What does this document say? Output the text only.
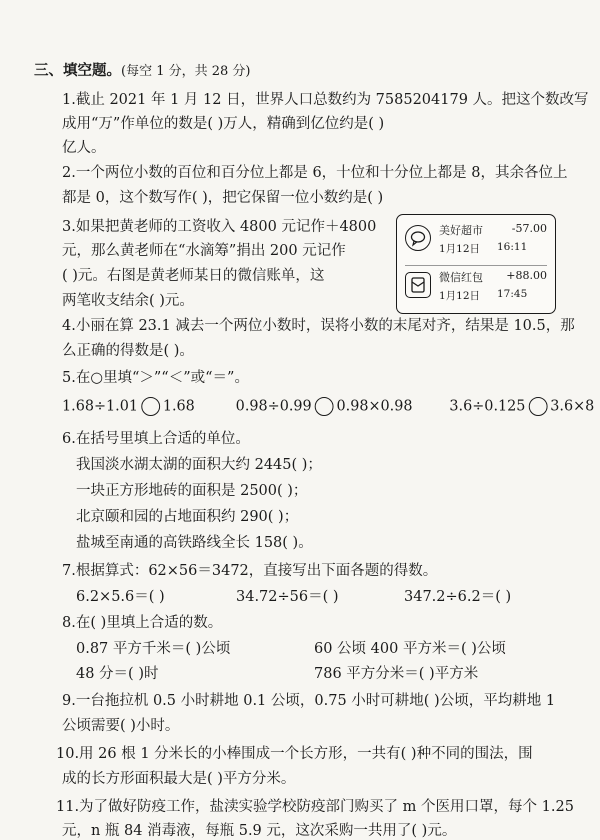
三、填空题。(每空 1 分，共 28 分)
1.截止 2021 年 1 月 12 日，世界人口总数约为 7585204179 人。把这个数改写
成用“万”作单位的数是( )万人，精确到亿位约是( )
亿人。
2.一个两位小数的百位和百分位上都是 6，十位和十分位上都是 8，其余各位上
都是 0，这个数写作( )，把它保留一位小数约是( )
3.如果把黄老师的工资收入 4800 元记作＋4800
元，那么黄老师在“水滴筹”捐出 200 元记作
( )元。右图是黄老师某日的微信账单，这
两笔收支结余( )元。
美好超市	-57.00
1月12日 16:11
微信红包 +88.00
1月12日 17:45
4.小丽在算 23.1 减去一个两位小数时，误将小数的末尾对齐，结果是 10.5，那
么正确的得数是( )。
5.在○里填“＞”“＜”或“＝”。
1.68÷1.01 1.68	0.98÷0.99 0.98×0.98	3.6÷0.125 3.6×8
6.在括号里填上合适的单位。
我国淡水湖太湖的面积大约 2445( )；
一块正方形地砖的面积是 2500( )；
北京颐和园的占地面积约 290( )；
盐城至南通的高铁路线全长 158( )。
7.根据算式：62×56＝3472，直接写出下面各题的得数。
6.2×5.6＝( )	34.72÷56＝( )	347.2÷6.2＝( )
8.在( )里填上合适的数。
0.87 平方千米＝( )公顷	60 公顷 400 平方米＝( )公顷
48 分＝( )时	786 平方分米＝( )平方米
9.一台拖拉机 0.5 小时耕地 0.1 公顷，0.75 小时可耕地( )公顷，平均耕地 1
公顷需要( )小时。
10.用 26 根 1 分米长的小棒围成一个长方形，一共有( )种不同的围法，围
成的长方形面积最大是( )平方分米。
11.为了做好防疫工作，盐渎实验学校防疫部门购买了 m 个医用口罩，每个 1.25
元，n 瓶 84 消毒液，每瓶 5.9 元，这次采购一共用了( )元。
